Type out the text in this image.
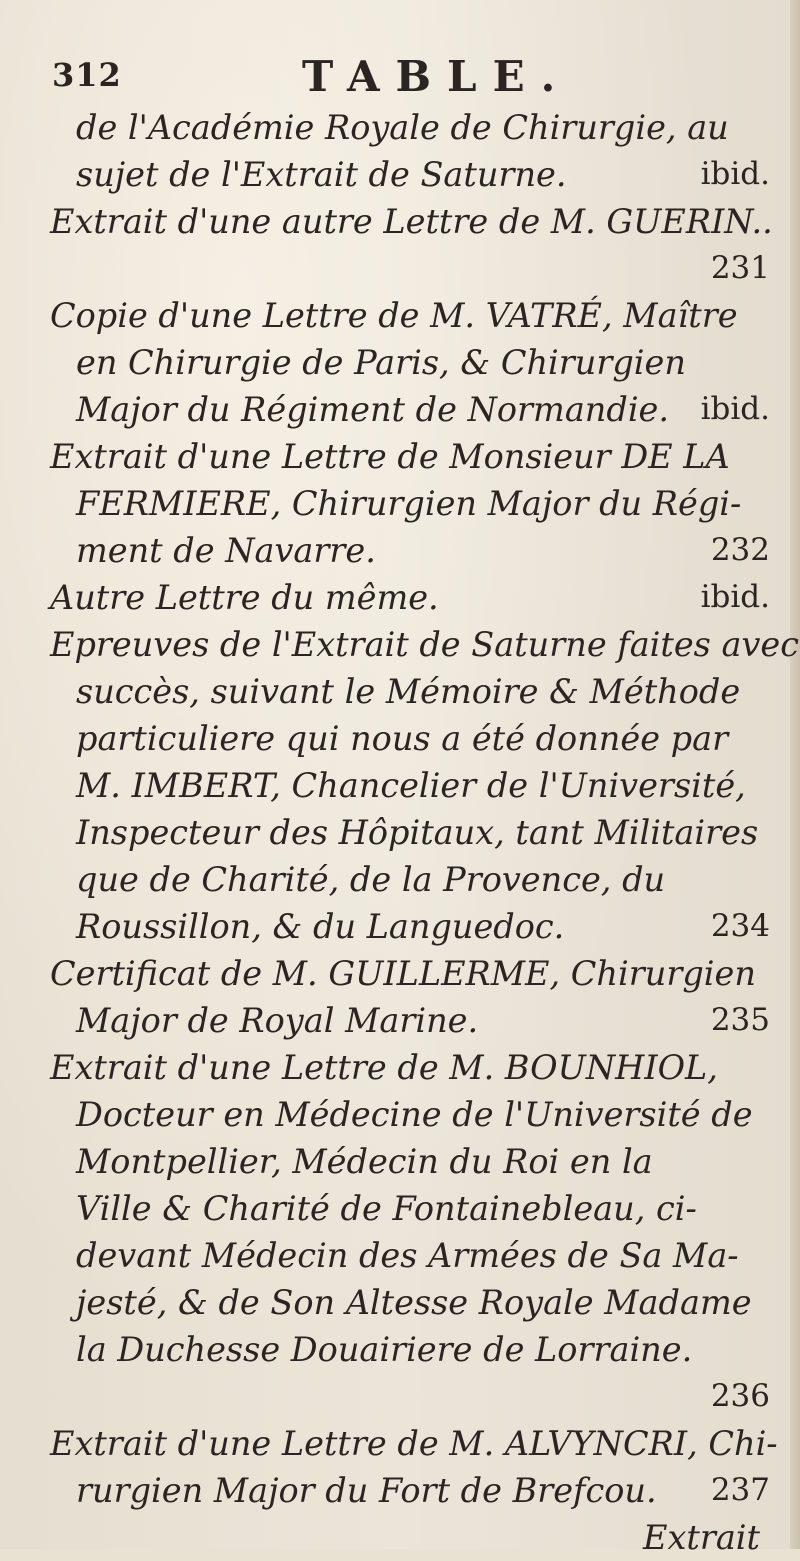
312	TABLE.
de l'Académie Royale de Chirurgie, au
sujet de l'Extrait de Saturne.	ibid.
Extrait d'une autre Lettre de M. GUERIN..
231
Copie d'une Lettre de M. VATRÉ, Maître
en Chirurgie de Paris, & Chirurgien
Major du Régiment de Normandie. ibid.
Extrait d'une Lettre de Monsieur DE LA
FERMIERE, Chirurgien Major du Régi-
ment de Navarre.	232
Autre Lettre du même.	ibid.
Epreuves de l'Extrait de Saturne faites avec
succès, suivant le Mémoire & Méthode
particuliere qui nous a été donnée par
M. IMBERT, Chancelier de l'Université,
Inspecteur des Hôpitaux, tant Militaires
que de Charité, de la Provence, du
Roussillon, & du Languedoc.	234
Certificat de M. GUILLERME, Chirurgien
Major de Royal Marine.	235
Extrait d'une Lettre de M. BOUNHIOL,
Docteur en Médecine de l'Université de
Montpellier, Médecin du Roi en la
Ville & Charité de Fontainebleau, ci-
devant Médecin des Armées de Sa Ma-
jesté, & de Son Altesse Royale Madame
la Duchesse Douairiere de Lorraine.
236
Extrait d'une Lettre de M. ALVYNCRI, Chi-
rurgien Major du Fort de Brefcou. 237
Extrait
